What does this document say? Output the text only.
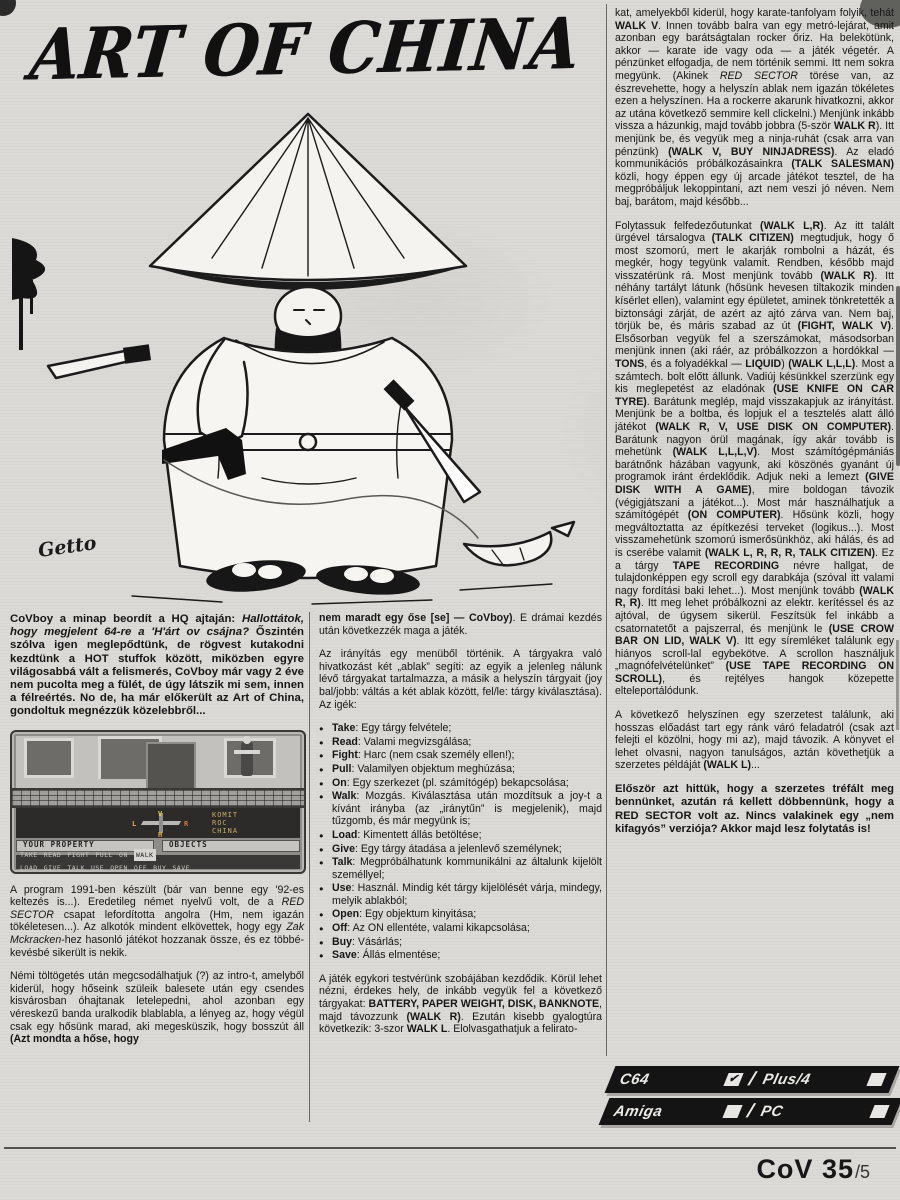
ART OF CHINA
Getto

CoVboy a minap beordít a HQ ajtaján: Hallottátok, hogy megjelent 64-re a 'H'árt ov csájna? Őszintén szólva igen meglepődtünk, de rögvest kutakodni kezdtünk a HOT stuffok között, miközben egyre világosabbá vált a felismerés, CoVboy már vagy 2 éve nem pucolta meg a fülét, de úgy látszik mi sem, innen a félreértés. No de, ha már előkerült az Art of China, gondoltuk megnézzük közelebbről...

V
H
L	R
KOMIT
ROC
CHINA
YOUR PROPERTY	OBJECTS
TAKE READ FIGHT PULL ON	WALK
LOAD GIVE TALK USE OPEN OFF BUY SAVE

A program 1991-ben készült (bár van benne egy '92-es keltezés is...). Eredetileg német nyelvű volt, de a RED SECTOR csapat lefordította angolra (Hm, nem igazán tökéletesen...). Az alkotók mindent elkövettek, hogy egy Zak Mckracken-hez hasonló játékot hozzanak össze, és ez többé-kevésbé sikerült is nekik.

Némi töltögetés után megcsodálhatjuk (?) az intro-t, amelyből kiderül, hogy hőseink szüleik balesete után egy csendes kisvárosban óhajtanak letelepedni, ahol azonban egy véreskezű banda uralkodik blablabla, a lényeg az, hogy végül csak egy hősünk marad, aki megesküszik, hogy bosszút áll (Azt mondta a hőse, hogy

nem maradt egy őse [se] — CoVboy). E drámai kezdés után következzék maga a játék.

Az irányítás egy menüből történik. A tárgyakra való hivatkozást két „ablak” segíti: az egyik a jelenleg nálunk lévő tárgyakat tartalmazza, a másik a helyszín tárgyait (joy bal/jobb: váltás a két ablak között, fel/le: tárgy kiválasztása). Az igék:

● Take: Egy tárgy felvétele;
● Read: Valami megvizsgálása;
● Fight: Harc (nem csak személy ellen!);
● Pull: Valamilyen objektum meghúzása;
● On: Egy szerkezet (pl. számítógép) bekapcsolása;
● Walk: Mozgás. Kiválasztása után mozdítsuk a joy-t a kívánt irányba (az „iránytűn” is megjelenik), majd tűzgomb, és már megyünk is;
● Load: Kimentett állás betöltése;
● Give: Egy tárgy átadása a jelenlevő személynek;
● Talk: Megpróbálhatunk kommunikálni az általunk kijelölt személlyel;
● Use: Használ. Mindig két tárgy kijelölését várja, mindegy, melyik ablakból;
● Open: Egy objektum kinyitása;
● Off: Az ON ellentéte, valami kikapcsolása;
● Buy: Vásárlás;
● Save: Állás elmentése;

A játék egykori testvérünk szobájában kezdődik. Körül lehet nézni, érdekes hely, de inkább vegyük fel a következő tárgyakat: BATTERY, PAPER WEIGHT, DISK, BANKNOTE, majd távozzunk (WALK R). Ezután kisebb gyalogtúra következik: 3-szor WALK L. Elolvasgathatjuk a felirato-

kat, amelyekből kiderül, hogy karate-tanfolyam folyik, tehát WALK V. Innen tovább balra van egy metró-lejárat, amit azonban egy barátságtalan rocker őriz. Ha belekötünk, akkor — karate ide vagy oda — a játék végetér. A pénzünket elfogadja, de nem történik semmi. Itt nem sokra megyünk. (Akinek RED SECTOR törése van, az észrevehette, hogy a helyszín ablak nem igazán tökéletes ezen a helyszínen. Ha a rockerre akarunk hivatkozni, akkor az utána következő semmire kell clickelni.) Menjünk inkább vissza a házunkig, majd tovább jobbra (5-ször WALK R). Itt menjünk be, és vegyük meg a ninja-ruhát (csak arra van pénzünk) (WALK V, BUY NINJADRESS). Az eladó kommunikációs próbálkozásainkra (TALK SALESMAN) közli, hogy éppen egy új arcade játékot tesztel, de ha megpróbáljuk lekoppintani, azt nem veszi jó néven. Nem baj, barátom, majd később...

Folytassuk felfedezőutunkat (WALK L,R). Az itt talált ürgével társalogva (TALK CITIZEN) megtudjuk, hogy ő most szomorú, mert le akarják rombolni a házát, és megkér, hogy tegyünk valamit. Rendben, később majd visszatérünk rá. Most menjünk tovább (WALK R). Itt néhány tartályt látunk (hősünk hevesen tiltakozik minden kísérlet ellen), valamint egy épületet, aminek tönkretették a biztonsági zárját, de azért az ajtó zárva van. Nem baj, törjük be, és máris szabad az út (FIGHT, WALK V). Elsősorban vegyük fel a szerszámokat, másodsorban menjünk innen (aki ráér, az próbálkozzon a hordókkal — TONS, és a folyadékkal — LIQUID) (WALK L,L,L). Most a számtech. bolt előtt állunk. Vadiúj késünkkel szerzünk egy kis meglepetést az eladónak (USE KNIFE ON CAR TYRE). Barátunk meglép, majd visszakapjuk az irányítást. Menjünk be a boltba, és lopjuk el a tesztelés alatt álló játékot (WALK R, V, USE DISK ON COMPUTER). Barátunk nagyon örül magának, így akár tovább is mehetünk (WALK L,L,L,V). Most számítógépmániás barátnőnk házában vagyunk, aki köszönés gyanánt új programok iránt érdeklődik. Adjuk neki a lemezt (GIVE DISK WITH A GAME), mire boldogan távozik (végigjátszani a játékot...). Most már használhatjuk a számítógépét (ON COMPUTER). Hősünk közli, hogy megváltoztatta az építkezési terveket (logikus...). Most visszamehetünk szomorú ismerősünkhöz, aki hálás, és ad is cserébe valamit (WALK L, R, R, R, TALK CITIZEN). Ez a tárgy TAPE RECORDING névre hallgat, de tulajdonképpen egy scroll egy darabkája (szóval itt valami nagy fordítási baki lehet...). Most menjünk tovább (WALK R, R). Itt meg lehet próbálkozni az elektr. kerítéssel és az ajtóval, de úgysem sikerül. Feszítsük fel inkább a csatornatetőt a pajszerral, és menjünk le (USE CROW BAR ON LID, WALK V). Itt egy síremléket találunk egy hiányos scroll-lal egybekötve. A scrollon használjuk „magnófelvételünket” (USE TAPE RECORDING ON SCROLL), és rejtélyes hangok közepette elteleportálódunk.

A következő helyszínen egy szerzetest találunk, aki hosszas előadást tart egy ránk váró feladatról (csak azt felejti el közölni, hogy mi az), majd távozik. A könyvet el lehet olvasni, nagyon tanulságos, aztán követhetjük a szerzetes példáját (WALK L)...

Először azt hittük, hogy a szerzetes tréfált meg bennünket, azután rá kellett döbbennünk, hogy a RED SECTOR volt az. Nincs valakinek egy „nem kifagyós” verziója? Akkor majd lesz folytatás is!

C64	✔ / Plus/4
Amiga	/ PC
CoV 35 /5
